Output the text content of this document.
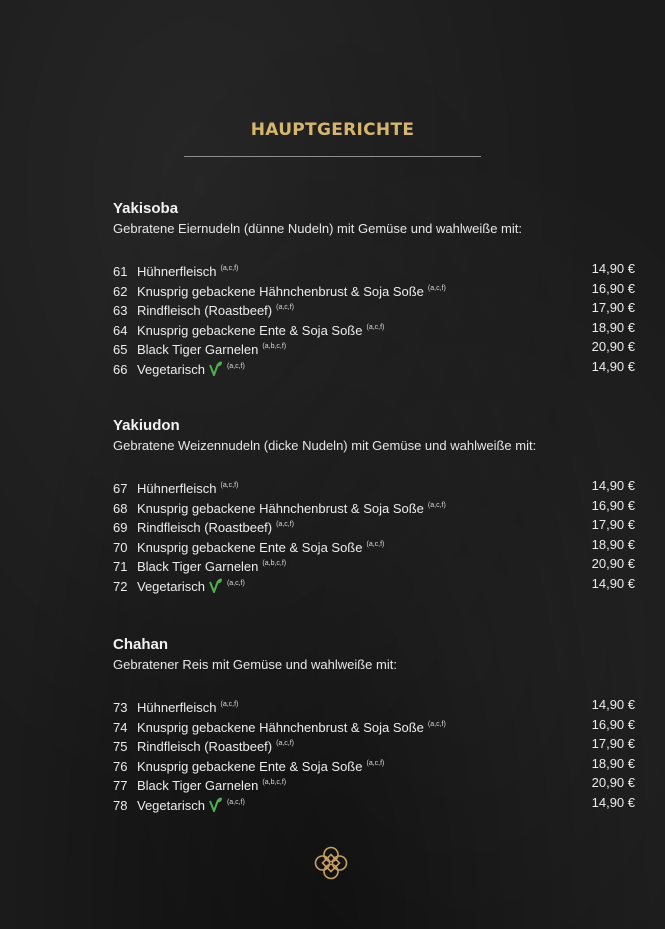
HAUPTGERICHTE
Yakisoba
Gebratene Eiernudeln (dünne Nudeln) mit Gemüse und wahlweiße mit:
61 Hühnerfleisch $^{(a,c,f)}$	14,90 €
62 Knusprig gebackene Hähnchenbrust & Soja Soße $^{(a,c,f)}$	16,90 €
63 Rindfleisch (Roastbeef) $^{(a,c,f)}$	17,90 €
64 Knusprig gebackene Ente & Soja Soße $^{(a,c,f)}$	18,90 €
65 Black Tiger Garnelen $^{(a,b,c,f)}$	20,90 €
66 Vegetarisch	$^{(a,c,f)}$	14,90 €
Yakiudon
Gebratene Weizennudeln (dicke Nudeln) mit Gemüse und wahlweiße mit:
67 Hühnerfleisch $^{(a,c,f)}$	14,90 €
68 Knusprig gebackene Hähnchenbrust & Soja Soße $^{(a,c,f)}$	16,90 €
69 Rindfleisch (Roastbeef) $^{(a,c,f)}$	17,90 €
70 Knusprig gebackene Ente & Soja Soße $^{(a,c,f)}$	18,90 €
71 Black Tiger Garnelen $^{(a,b,c,f)}$	20,90 €
72 Vegetarisch	$^{(a,c,f)}$	14,90 €
Chahan
Gebratener Reis mit Gemüse und wahlweiße mit:
73 Hühnerfleisch $^{(a,c,f)}$	14,90 €
74 Knusprig gebackene Hähnchenbrust & Soja Soße $^{(a,c,f)}$	16,90 €
75 Rindfleisch (Roastbeef) $^{(a,c,f)}$	17,90 €
76 Knusprig gebackene Ente & Soja Soße $^{(a,c,f)}$	18,90 €
77 Black Tiger Garnelen $^{(a,b,c,f)}$	20,90 €
78 Vegetarisch	$^{(a,c,f)}$	14,90 €
